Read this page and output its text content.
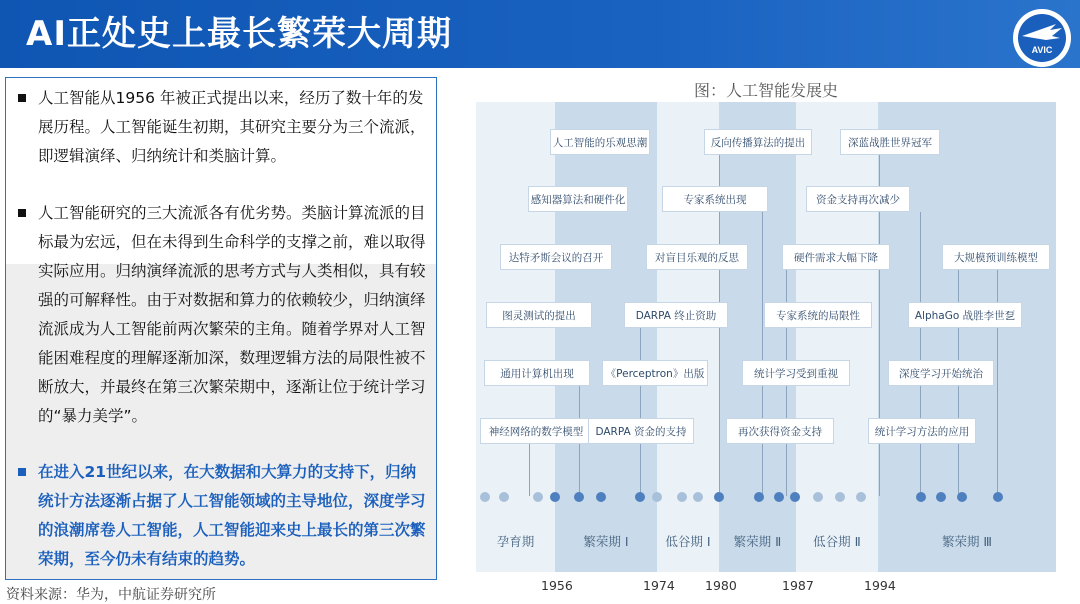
AI正处史上最长繁荣大周期	AVIC
人工智能从1956 年被正式提出以来，经历了数十年的发展历程。人工智能诞生初期，其研究主要分为三个流派，即逻辑演绎、归纳统计和类脑计算。
人工智能研究的三大流派各有优劣势。类脑计算流派的目标最为宏远，但在未得到生命科学的支撑之前，难以取得实际应用。归纳演绎流派的思考方式与人类相似，具有较强的可解释性。由于对数据和算力的依赖较少，归纳演绎流派成为人工智能前两次繁荣的主角。随着学界对人工智能困难程度的理解逐渐加深，数理逻辑方法的局限性被不断放大，并最终在第三次繁荣期中，逐渐让位于统计学习的“暴力美学”。
在进入21世纪以来，在大数据和大算力的支持下，归纳统计方法逐渐占据了人工智能领域的主导地位，深度学习的浪潮席卷人工智能，人工智能迎来史上最长的第三次繁荣期，至今仍未有结束的趋势。
资料来源：华为，中航证券研究所
图：人工智能发展史
人工智能的乐观思潮	反向传播算法的提出	深蓝战胜世界冠军
感知器算法和硬件化	专家系统出现	资金支持再次减少
达特矛斯会议的召开	对盲目乐观的反思	硬件需求大幅下降	大规模预训练模型
图灵测试的提出	DARPA 终止资助	专家系统的局限性	AlphaGo 战胜李世乭
通用计算机出现	《Perceptron》出版	统计学习受到重视	深度学习开始统治
神经网络的数学模型	DARPA 资金的支持	再次获得资金支持	统计学习方法的应用
孕育期	繁荣期 Ⅰ	低谷期 Ⅰ	繁荣期 Ⅱ	低谷期 Ⅱ	繁荣期 Ⅲ
1956	1974 1980	1987	1994
